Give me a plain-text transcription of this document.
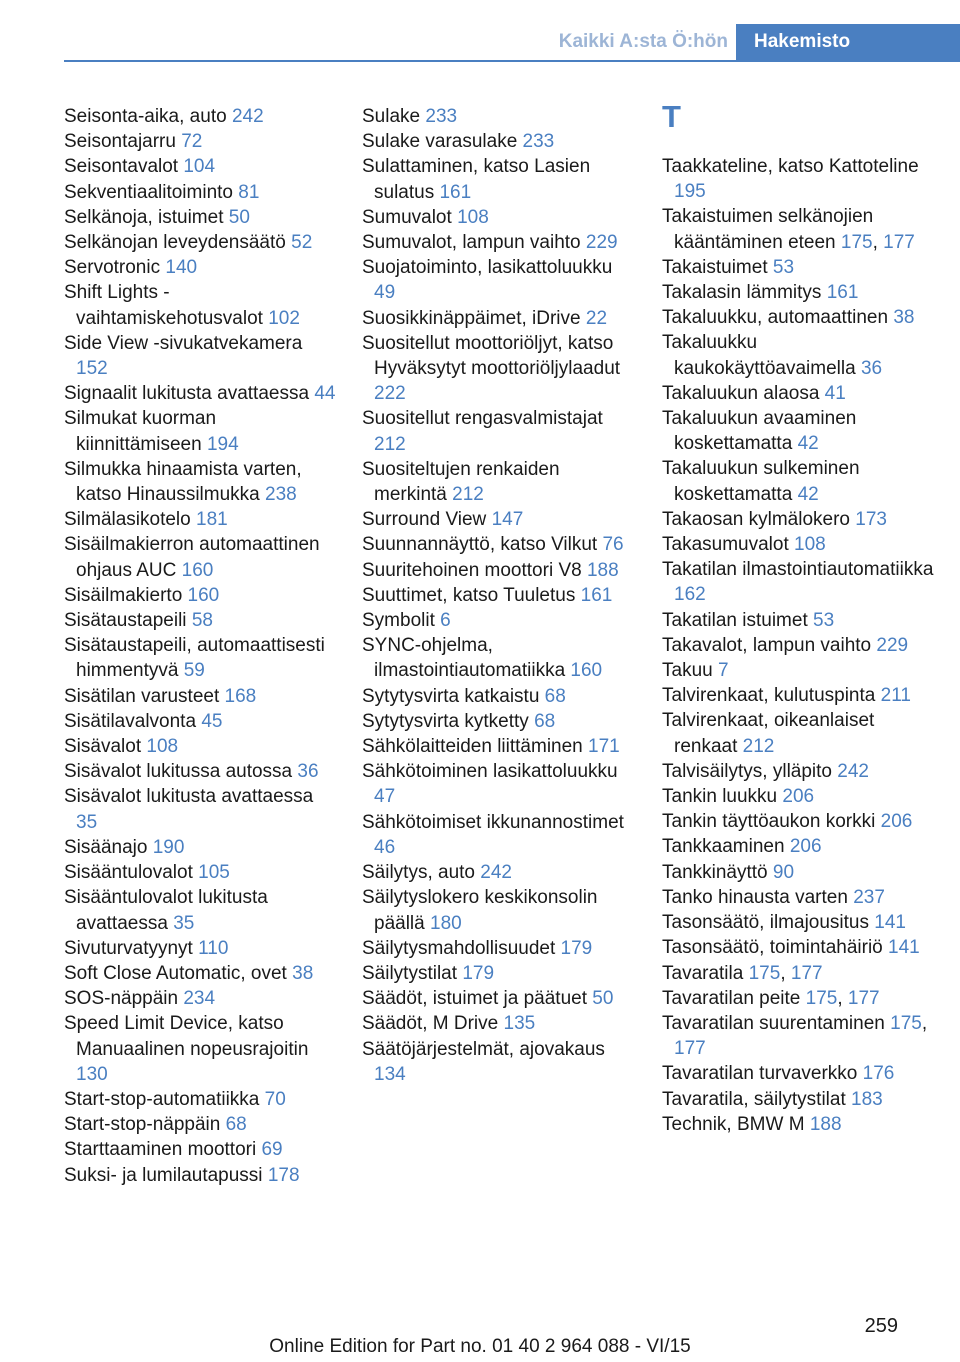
Kaikki A:sta Ö:hön	Hakemisto
Seisonta-aika, auto 242
Seisontajarru 72
Seisontavalot 104
Sekventiaalitoiminto 81
Selkänoja, istuimet 50
Selkänojan leveydensäätö 52
Servotronic 140
Shift Lights -vaihtamiskehotusvalot 102
Side View -sivukatvekamera 152
Signaalit lukitusta avattaessa 44
Silmukat kuorman kiinnittämiseen 194
Silmukka hinaamista varten, katso Hinaussilmukka 238
Silmälasikotelo 181
Sisäilmakierron automaattinen ohjaus AUC 160
Sisäilmakierto 160
Sisätaustapeili 58
Sisätaustapeili, automaattisesti himmentyvä 59
Sisätilan varusteet 168
Sisätilavalvonta 45
Sisävalot 108
Sisävalot lukitussa autossa 36
Sisävalot lukitusta avattaessa 35
Sisäänajo 190
Sisääntulovalot 105
Sisääntulovalot lukitusta avattaessa 35
Sivuturvatyynyt 110
Soft Close Automatic, ovet 38
SOS-näppäin 234
Speed Limit Device, katso Manuaalinen nopeusrajoitin 130
Start-stop-automatiikka 70
Start-stop-näppäin 68
Starttaaminen moottori 69
Suksi- ja lumilautapussi 178
Sulake 233
Sulake varasulake 233
Sulattaminen, katso Lasien sulatus 161
Sumuvalot 108
Sumuvalot, lampun vaihto 229
Suojatoiminto, lasikattoluukku 49
Suosikkinäppäimet, iDrive 22
Suositellut moottoriöljyt, katso Hyväksytyt moottoriöljylaadut 222
Suositellut rengasvalmistajat 212
Suositeltujen renkaiden merkintä 212
Surround View 147
Suunnannäyttö, katso Vilkut 76
Suuritehoinen moottori V8 188
Suuttimet, katso Tuuletus 161
Symbolit 6
SYNC-ohjelma, ilmastointiautomatiikka 160
Sytytysvirta katkaistu 68
Sytytysvirta kytketty 68
Sähkölaitteiden liittäminen 171
Sähkötoiminen lasikattoluukku 47
Sähkötoimiset ikkunannostimet 46
Säilytys, auto 242
Säilytyslokero keskikonsolin päällä 180
Säilytysmahdollisuudet 179
Säilytystilat 179
Säädöt, istuimet ja päätuet 50
Säädöt, M Drive 135
Säätöjärjestelmät, ajovakaus 134
T
Taakkateline, katso Kattoteline 195
Takaistuimen selkänojien kääntäminen eteen 175, 177
Takaistuimet 53
Takalasin lämmitys 161
Takaluukku, automaattinen 38
Takaluukku kaukokäyttöavaimella 36
Takaluukun alaosa 41
Takaluukun avaaminen koskettamatta 42
Takaluukun sulkeminen koskettamatta 42
Takaosan kylmälokero 173
Takasumuvalot 108
Takatilan ilmastointiautomatiikka 162
Takatilan istuimet 53
Takavalot, lampun vaihto 229
Takuu 7
Talvirenkaat, kulutuspinta 211
Talvirenkaat, oikeanlaiset renkaat 212
Talvisäilytys, ylläpito 242
Tankin luukku 206
Tankin täyttöaukon korkki 206
Tankkaaminen 206
Tankkinäyttö 90
Tanko hinausta varten 237
Tasonsäätö, ilmajousitus 141
Tasonsäätö, toimintahäiriö 141
Tavaratila 175, 177
Tavaratilan peite 175, 177
Tavaratilan suurentaminen 175, 177
Tavaratilan turvaverkko 176
Tavaratila, säilytystilat 183
Technik, BMW M 188
259
Online Edition for Part no. 01 40 2 964 088 - VI/15
